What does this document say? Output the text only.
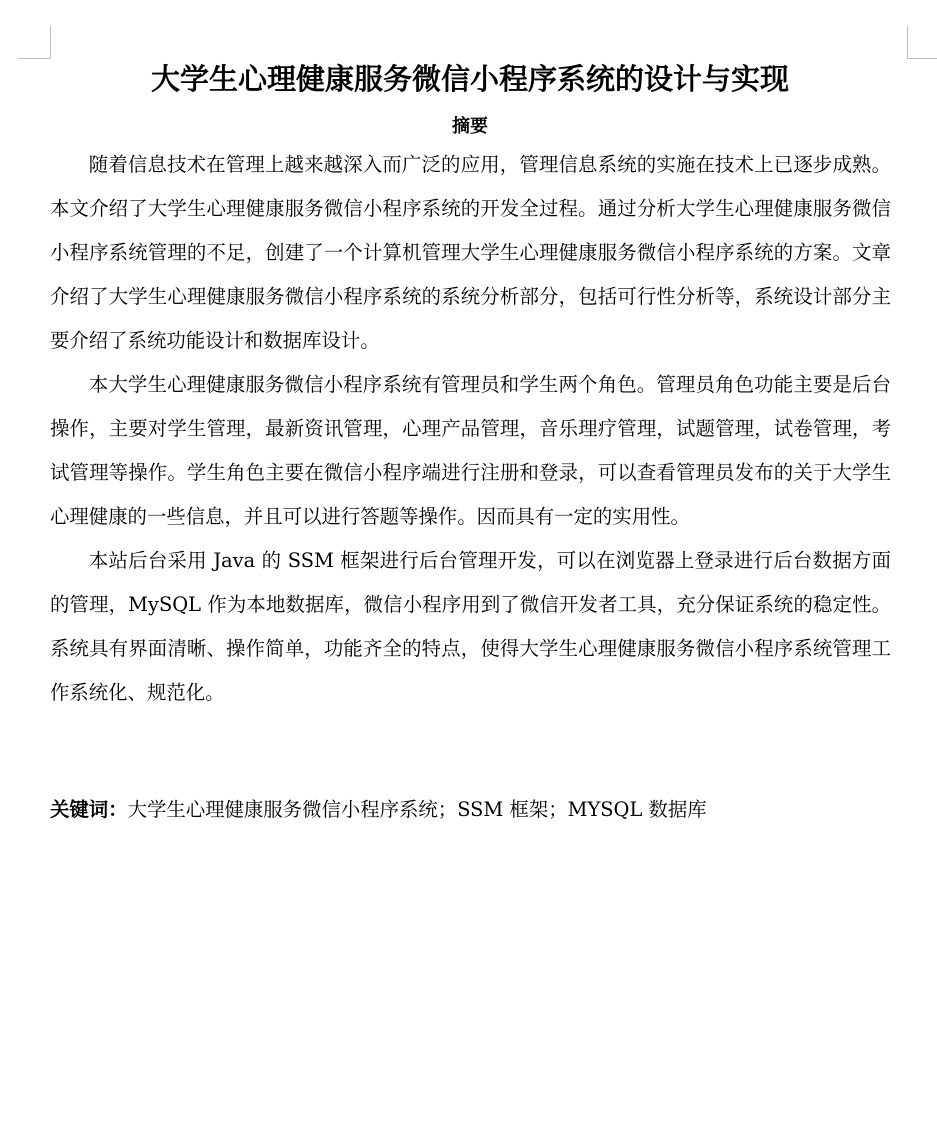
大学生心理健康服务微信小程序系统的设计与实现
摘要

随着信息技术在管理上越来越深入而广泛的应用，管理信息系统的实施在技术上已逐步成熟。本文介绍了大学生心理健康服务微信小程序系统的开发全过程。通过分析大学生心理健康服务微信小程序系统管理的不足，创建了一个计算机管理大学生心理健康服务微信小程序系统的方案。文章介绍了大学生心理健康服务微信小程序系统的系统分析部分，包括可行性分析等，系统设计部分主要介绍了系统功能设计和数据库设计。

本大学生心理健康服务微信小程序系统有管理员和学生两个角色。管理员角色功能主要是后台操作，主要对学生管理，最新资讯管理，心理产品管理，音乐理疗管理，试题管理，试卷管理，考试管理等操作。学生角色主要在微信小程序端进行注册和登录，可以查看管理员发布的关于大学生心理健康的一些信息，并且可以进行答题等操作。因而具有一定的实用性。

本站后台采用 Java 的 SSM 框架进行后台管理开发，可以在浏览器上登录进行后台数据方面的管理，MySQL 作为本地数据库，微信小程序用到了微信开发者工具，充分保证系统的稳定性。系统具有界面清晰、操作简单，功能齐全的特点，使得大学生心理健康服务微信小程序系统管理工作系统化、规范化。

关键词：大学生心理健康服务微信小程序系统；SSM 框架；MYSQL 数据库
